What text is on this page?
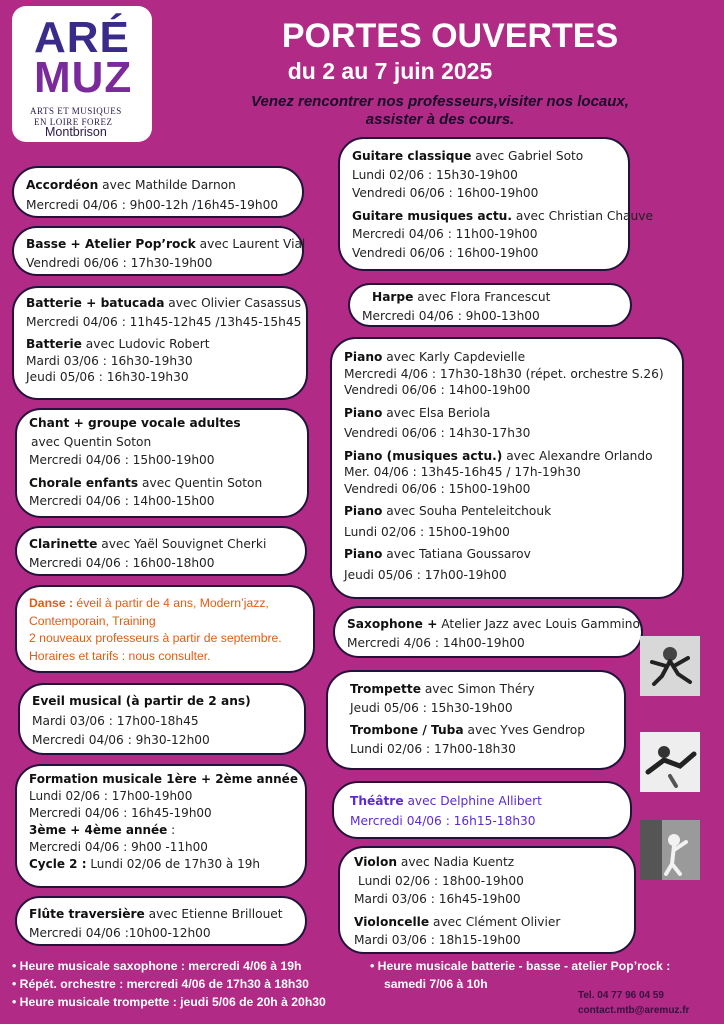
ARÉ
MUZ
ARTS ET MUSIQUES
EN LOIRE FOREZ
Montbrison
PORTES OUVERTES
du 2 au 7 juin 2025
Venez rencontrer nos professeurs,visiter nos locaux,
assister à des cours.
Accordéon avec Mathilde Darnon
Mercredi 04/06 : 9h00-12h /16h45-19h00
Basse + Atelier Pop’rock avec Laurent Vial
Vendredi 06/06 : 17h30-19h00
Batterie + batucada avec Olivier Casassus
Mercredi 04/06 : 11h45-12h45 /13h45-15h45
Batterie avec Ludovic Robert
Mardi 03/06 : 16h30-19h30
Jeudi 05/06 : 16h30-19h30
Chant + groupe vocale adultes
avec Quentin Soton
Mercredi 04/06 : 15h00-19h00
Chorale enfants avec Quentin Soton
Mercredi 04/06 : 14h00-15h00
Clarinette avec Yaël Souvignet Cherki
Mercredi 04/06 : 16h00-18h00
Danse : éveil à partir de 4 ans, Modern’jazz,
Contemporain, Training
2 nouveaux professeurs à partir de septembre.
Horaires et tarifs : nous consulter.
Eveil musical (à partir de 2 ans)
Mardi 03/06 : 17h00-18h45
Mercredi 04/06 : 9h30-12h00
Formation musicale 1ère + 2ème année
Lundi 02/06 : 17h00-19h00
Mercredi 04/06 : 16h45-19h00
3ème + 4ème année :
Mercredi 04/06 : 9h00 -11h00
Cycle 2 : Lundi 02/06 de 17h30 à 19h
Flûte traversière avec Etienne Brillouet
Mercredi 04/06 :10h00-12h00
Guitare classique avec Gabriel Soto
Lundi 02/06 : 15h30-19h00
Vendredi 06/06 : 16h00-19h00
Guitare musiques actu. avec Christian Chauve
Mercredi 04/06 : 11h00-19h00
Vendredi 06/06 : 16h00-19h00
Harpe avec Flora Francescut
Mercredi 04/06 : 9h00-13h00
Piano avec Karly Capdevielle
Mercredi 4/06 : 17h30-18h30 (répet. orchestre S.26)
Vendredi 06/06 : 14h00-19h00
Piano avec Elsa Beriola
Vendredi 06/06 : 14h30-17h30
Piano (musiques actu.) avec Alexandre Orlando
Mer. 04/06 : 13h45-16h45 / 17h-19h30
Vendredi 06/06 : 15h00-19h00
Piano avec Souha Penteleitchouk
Lundi 02/06 : 15h00-19h00
Piano avec Tatiana Goussarov
Jeudi 05/06 : 17h00-19h00
Saxophone + Atelier Jazz avec Louis Gammino
Mercredi 4/06 : 14h00-19h00
Trompette avec Simon Théry
Jeudi 05/06 : 15h30-19h00
Trombone / Tuba avec Yves Gendrop
Lundi 02/06 : 17h00-18h30
Théâtre avec Delphine Allibert
Mercredi 04/06 : 16h15-18h30
Violon avec Nadia Kuentz
Lundi 02/06 : 18h00-19h00
Mardi 03/06 : 16h45-19h00
Violoncelle avec Clément Olivier
Mardi 03/06 : 18h15-19h00
• Heure musicale saxophone : mercredi 4/06 à 19h
• Répét. orchestre : mercredi 4/06 de 17h30 à 18h30
• Heure musicale trompette : jeudi 5/06 de 20h à 20h30
• Heure musicale batterie - basse - atelier Pop’rock :
samedi 7/06 à 10h
Tel. 04 77 96 04 59
contact.mtb@aremuz.fr
